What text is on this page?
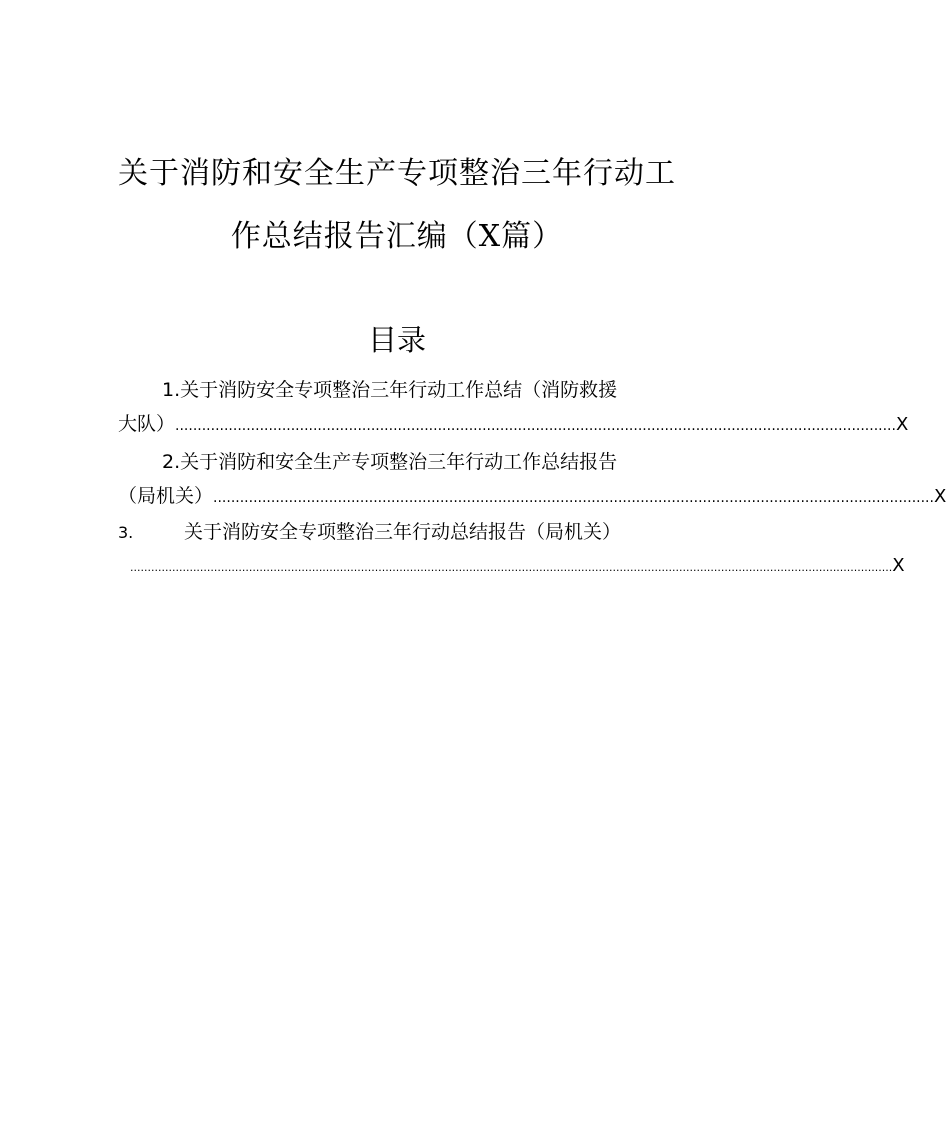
关于消防和安全生产专项整治三年行动工
作总结报告汇编（X篇）
目录
1.关于消防安全专项整治三年行动工作总结（消防救援
大队） .................................................................................................................................................................. X
2.关于消防和安全生产专项整治三年行动工作总结报告
（局机关） .................................................................................................................................................................. X
3.	关于消防安全专项整治三年行动总结报告（局机关）
.......................................................................................................................................................................................................................... X
